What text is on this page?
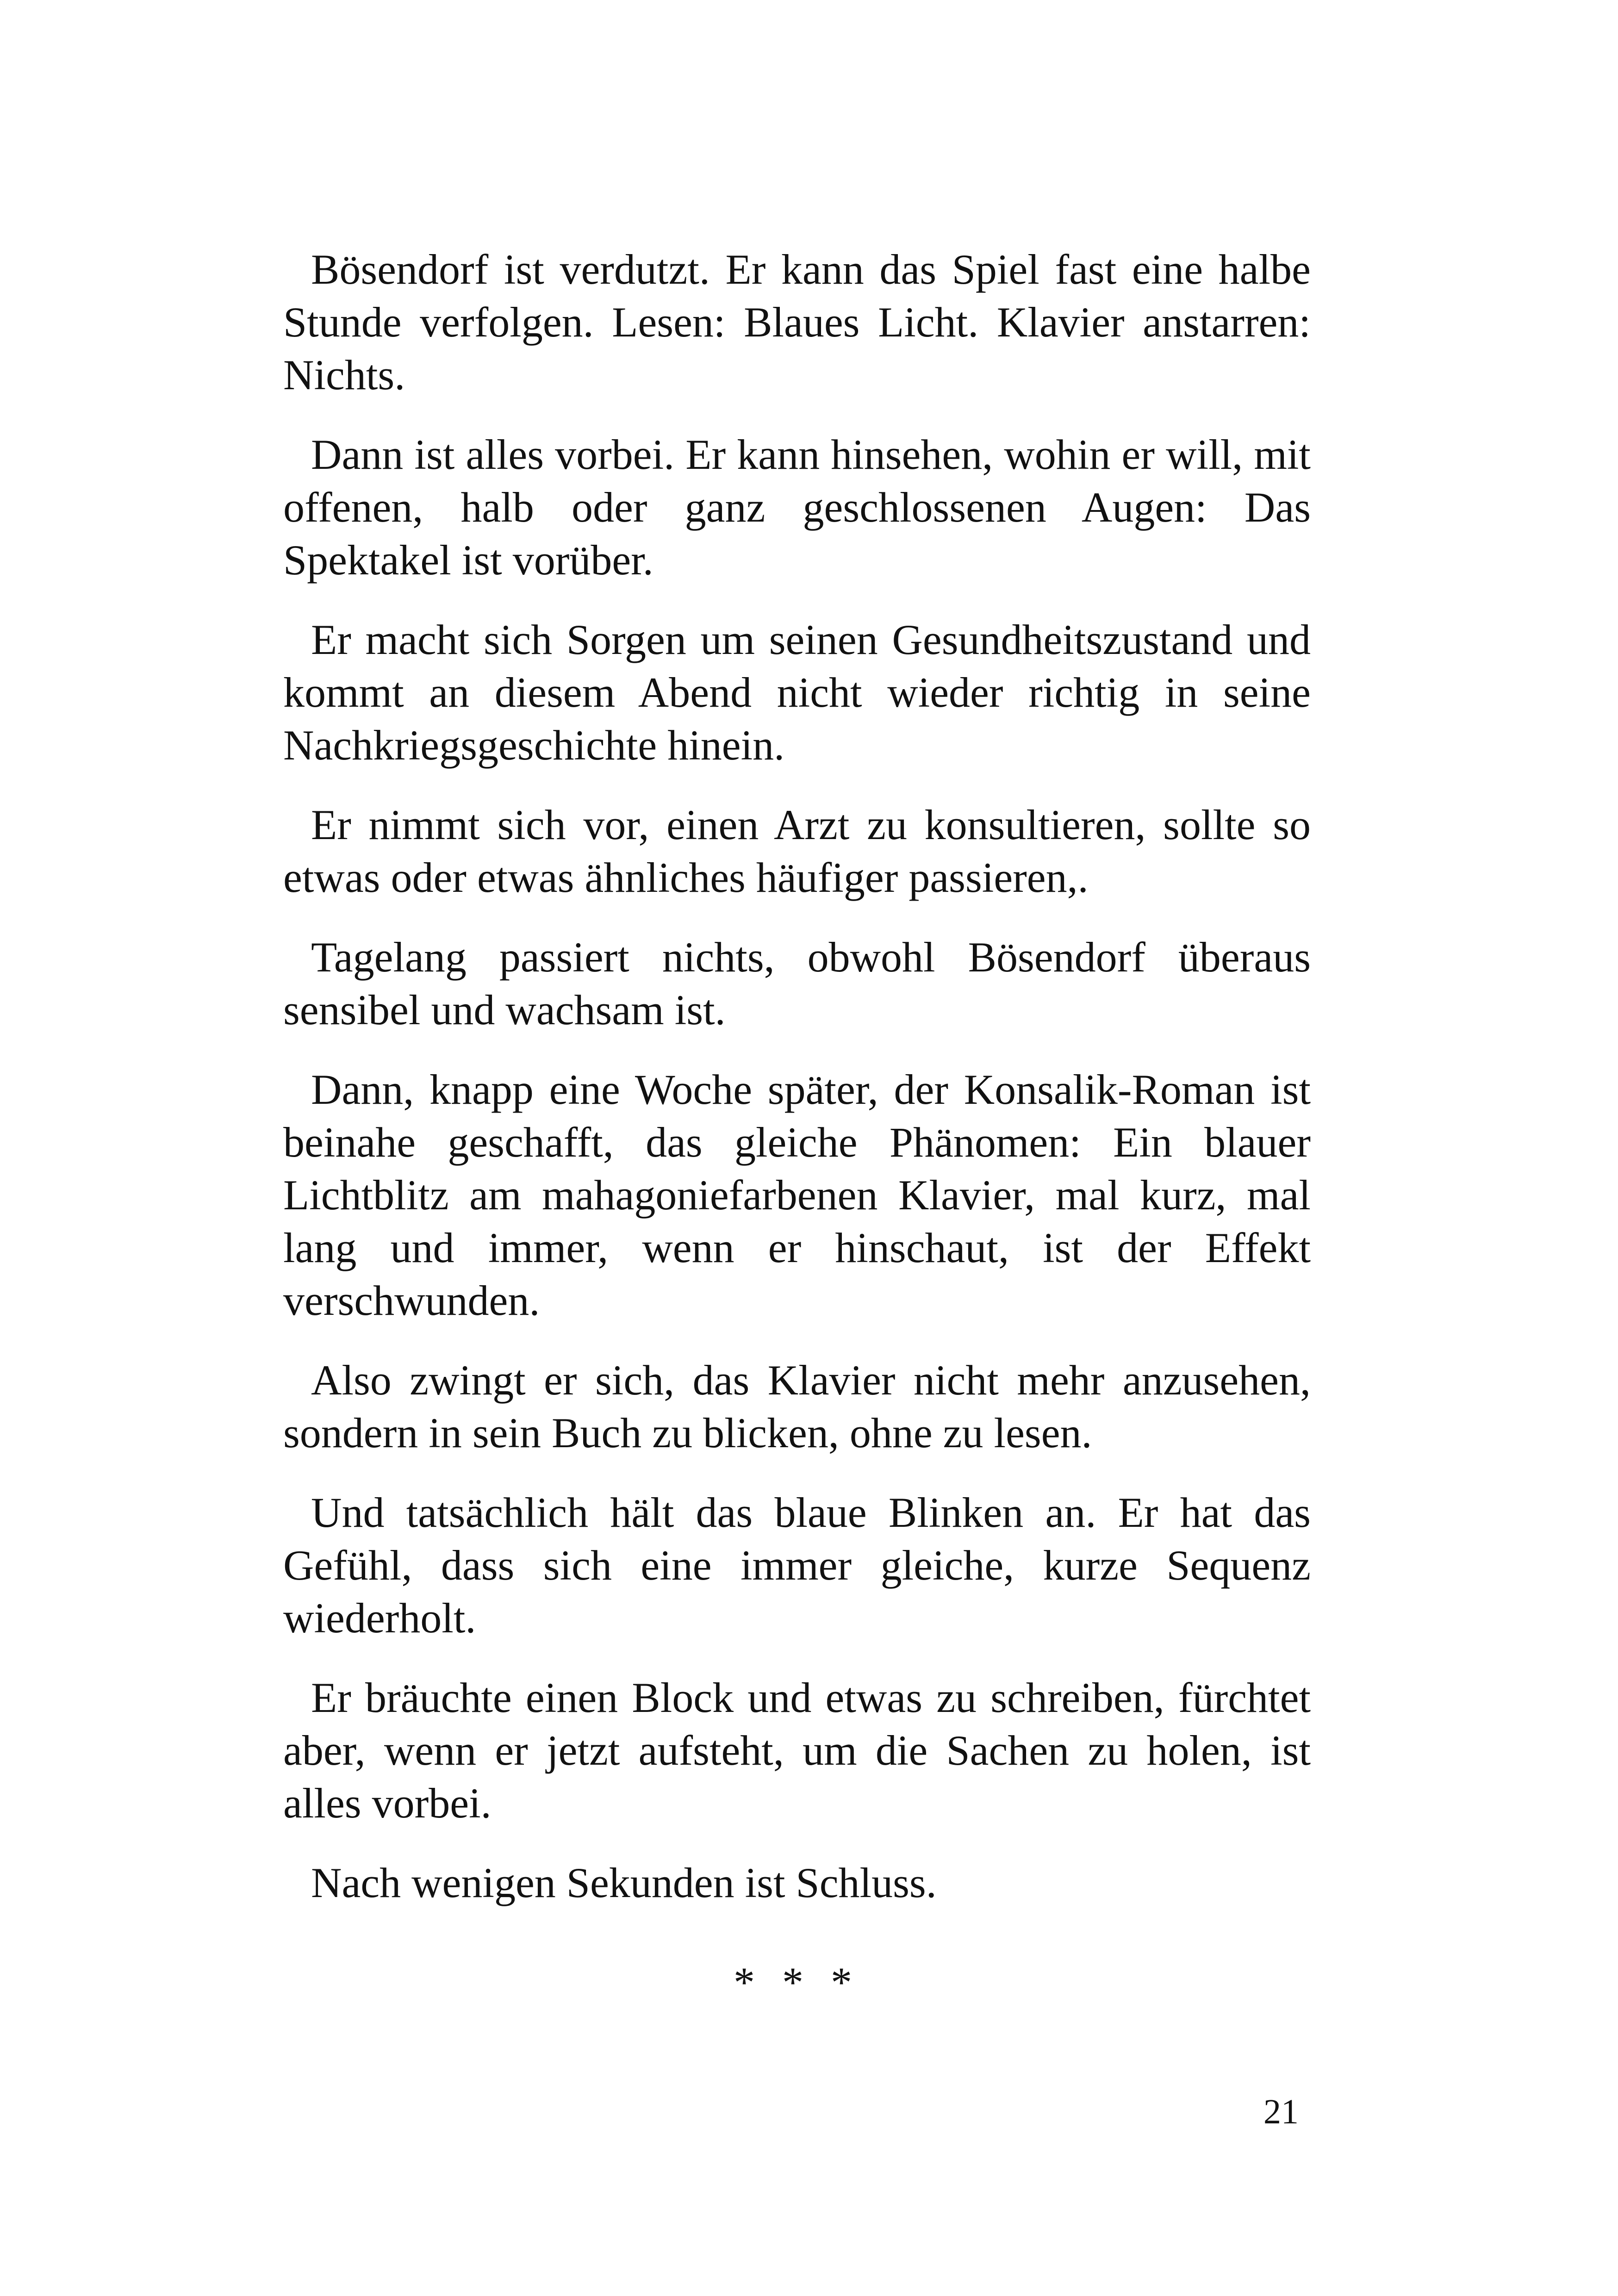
Bösendorf ist verdutzt. Er kann das Spiel fast eine halbe Stunde verfolgen. Lesen: Blaues Licht. Klavier anstarren: Nichts.

Dann ist alles vorbei. Er kann hinsehen, wohin er will, mit offenen, halb oder ganz geschlossenen Augen: Das Spektakel ist vorüber.

Er macht sich Sorgen um seinen Gesundheitszustand und kommt an diesem Abend nicht wieder richtig in seine Nachkriegsgeschichte hinein.

Er nimmt sich vor, einen Arzt zu konsultieren, sollte so etwas oder etwas ähnliches häufiger passieren,.

Tagelang passiert nichts, obwohl Bösendorf überaus sensibel und wachsam ist.

Dann, knapp eine Woche später, der Konsalik-Roman ist beinahe geschafft, das gleiche Phänomen: Ein blauer Lichtblitz am mahagoniefarbenen Klavier, mal kurz, mal lang und immer, wenn er hinschaut, ist der Effekt verschwunden.

Also zwingt er sich, das Klavier nicht mehr anzusehen, sondern in sein Buch zu blicken, ohne zu lesen.

Und tatsächlich hält das blaue Blinken an. Er hat das Gefühl, dass sich eine immer gleiche, kurze Sequenz wiederholt.

Er bräuchte einen Block und etwas zu schreiben, fürchtet aber, wenn er jetzt aufsteht, um die Sachen zu holen, ist alles vorbei.

Nach wenigen Sekunden ist Schluss.

* * *
21
